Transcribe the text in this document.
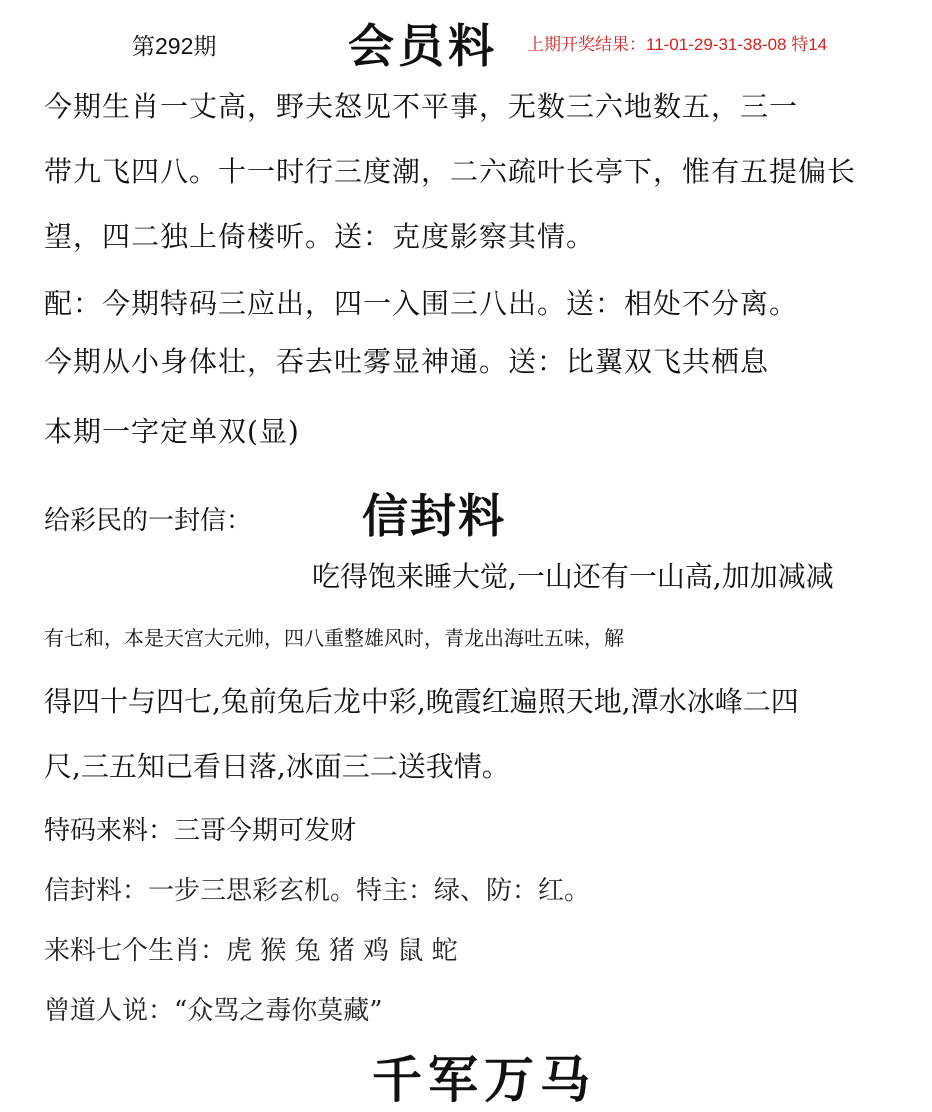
第292期	会员料 上期开奖结果：11-01-29-31-38-08 特14
今期生肖一丈高，野夫怒见不平事，无数三六地数五，三一
带九飞四八。十一时行三度潮，二六疏叶长亭下，惟有五提偏长
望，四二独上倚楼听。送：克度影察其情。
配：今期特码三应出，四一入围三八出。送：相处不分离。
今期从小身体壮，吞去吐雾显神通。送：比翼双飞共栖息
本期一字定单双(显)
给彩民的一封信： 信封料
吃得饱来睡大觉,一山还有一山高,加加减减
有七和，本是天宫大元帅，四八重整雄风时，青龙出海吐五味，解
得四十与四七,兔前兔后龙中彩,晚霞红遍照天地,潭水冰峰二四
尺,三五知己看日落,冰面三二送我情。
特码来料：三哥今期可发财
信封料：一步三思彩玄机。特主：绿、防：红。
来料七个生肖：虎 猴 兔 猪 鸡 鼠 蛇
曾道人说：“众骂之毒你莫藏”
千军万马
